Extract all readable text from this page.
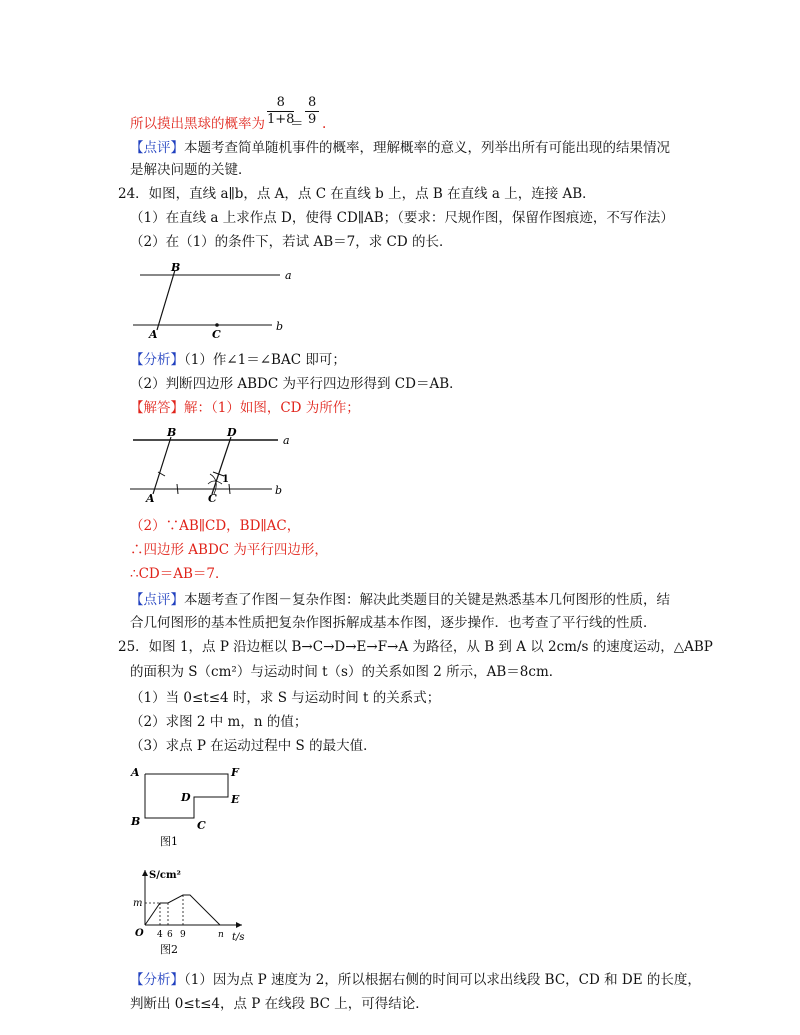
所以摸出黑球的概率为 $\frac{8}{1+8}$
＝ $\frac{8}{9}$ .
【点评】本题考查简单随机事件的概率，理解概率的意义，列举出所有可能出现的结果情况
是解决问题的关键．
24．如图，直线 a∥b，点 A，点 C 在直线 b 上，点 B 在直线 a 上，连接 AB．
（1）在直线 a 上求作点 D，使得 CD∥AB；（要求：尺规作图，保留作图痕迹，不写作法）
（2）在（1）的条件下，若试 AB＝7，求 CD 的长．
B
a
A	C
b
【分析】（1）作∠1＝∠BAC 即可；
（2）判断四边形 ABDC 为平行四边形得到 CD＝AB．
【解答】解：（1）如图，CD 为所作；
B	D
a
A	C
b
1
（2）∵AB∥CD，BD∥AC，
∴四边形 ABDC 为平行四边形，
∴CD＝AB＝7．
【点评】本题考查了作图－复杂作图：解决此类题目的关键是熟悉基本几何图形的性质，结
合几何图形的基本性质把复杂作图拆解成基本作图，逐步操作．也考查了平行线的性质．
25．如图 1，点 P 沿边框以 B→C→D→E→F→A 为路径，从 B 到 A 以 2cm/s 的速度运动，△ABP
的面积为 S（cm²）与运动时间 t（s）的关系如图 2 所示，AB＝8cm．
（1）当 0≤t≤4 时，求 S 与运动时间 t 的关系式；
（2）求图 2 中 m，n 的值；
（3）求点 P 在运动过程中 S 的最大值．
A	F
D	E
B	C
图1
S/cm²
m
O 4 6 9	n t/s
图2
【分析】（1）因为点 P 速度为 2，所以根据右侧的时间可以求出线段 BC，CD 和 DE 的长度，
判断出 0≤t≤4，点 P 在线段 BC 上，可得结论．
